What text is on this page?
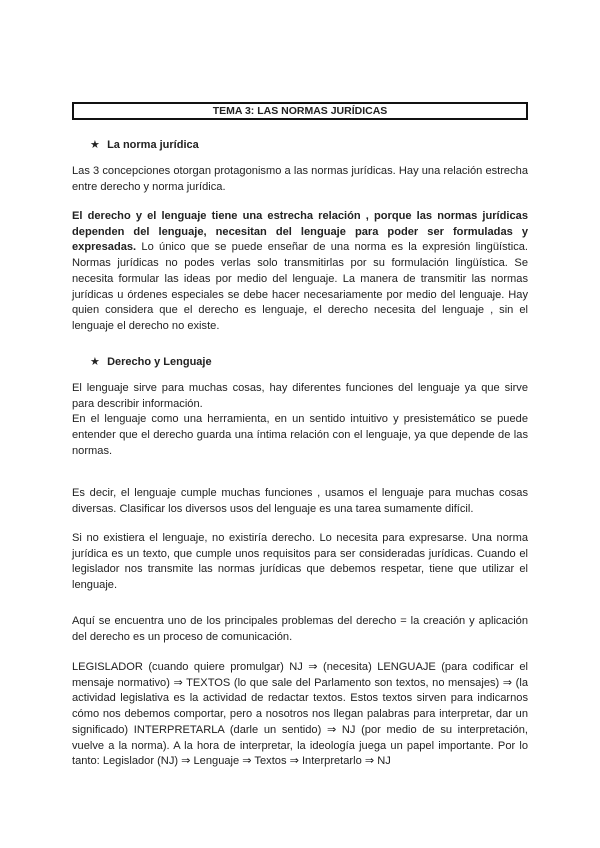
TEMA 3: LAS NORMAS JURÍDICAS
★ La norma jurídica
Las 3 concepciones otorgan protagonismo a las normas jurídicas. Hay una relación estrecha
entre derecho y norma jurídica.
El derecho y el lenguaje tiene una estrecha relación , porque las normas jurídicas
dependen del lenguaje, necesitan del lenguaje para poder ser formuladas y
expresadas. Lo único que se puede enseñar de una norma es la expresión lingüística.
Normas jurídicas no podes verlas solo transmitirlas por su formulación lingüística. Se
necesita formular las ideas por medio del lenguaje. La manera de transmitir las normas
jurídicas u órdenes especiales se debe hacer necesariamente por medio del lenguaje. Hay
quien considera que el derecho es lenguaje, el derecho necesita del lenguaje , sin el
lenguaje el derecho no existe.
★ Derecho y Lenguaje
El lenguaje sirve para muchas cosas, hay diferentes funciones del lenguaje ya que sirve
para describir información.
En el lenguaje como una herramienta, en un sentido intuitivo y presistemático se puede
entender que el derecho guarda una íntima relación con el lenguaje, ya que depende de las
normas.
Es decir, el lenguaje cumple muchas funciones , usamos el lenguaje para muchas cosas
diversas. Clasificar los diversos usos del lenguaje es una tarea sumamente difícil.
Si no existiera el lenguaje, no existiría derecho. Lo necesita para expresarse. Una norma
jurídica es un texto, que cumple unos requisitos para ser consideradas jurídicas. Cuando el
legislador nos transmite las normas jurídicas que debemos respetar, tiene que utilizar el
lenguaje.
Aquí se encuentra uno de los principales problemas del derecho = la creación y aplicación
del derecho es un proceso de comunicación.
LEGISLADOR (cuando quiere promulgar) NJ ⇒ (necesita) LENGUAJE (para codificar el
mensaje normativo) ⇒ TEXTOS (lo que sale del Parlamento son textos, no mensajes) ⇒ (la
actividad legislativa es la actividad de redactar textos. Estos textos sirven para indicarnos
cómo nos debemos comportar, pero a nosotros nos llegan palabras para interpretar, dar un
significado) INTERPRETARLA (darle un sentido) ⇒ NJ (por medio de su interpretación,
vuelve a la norma). A la hora de interpretar, la ideología juega un papel importante. Por lo
tanto: Legislador (NJ) ⇒ Lenguaje ⇒ Textos ⇒ Interpretarlo ⇒ NJ
